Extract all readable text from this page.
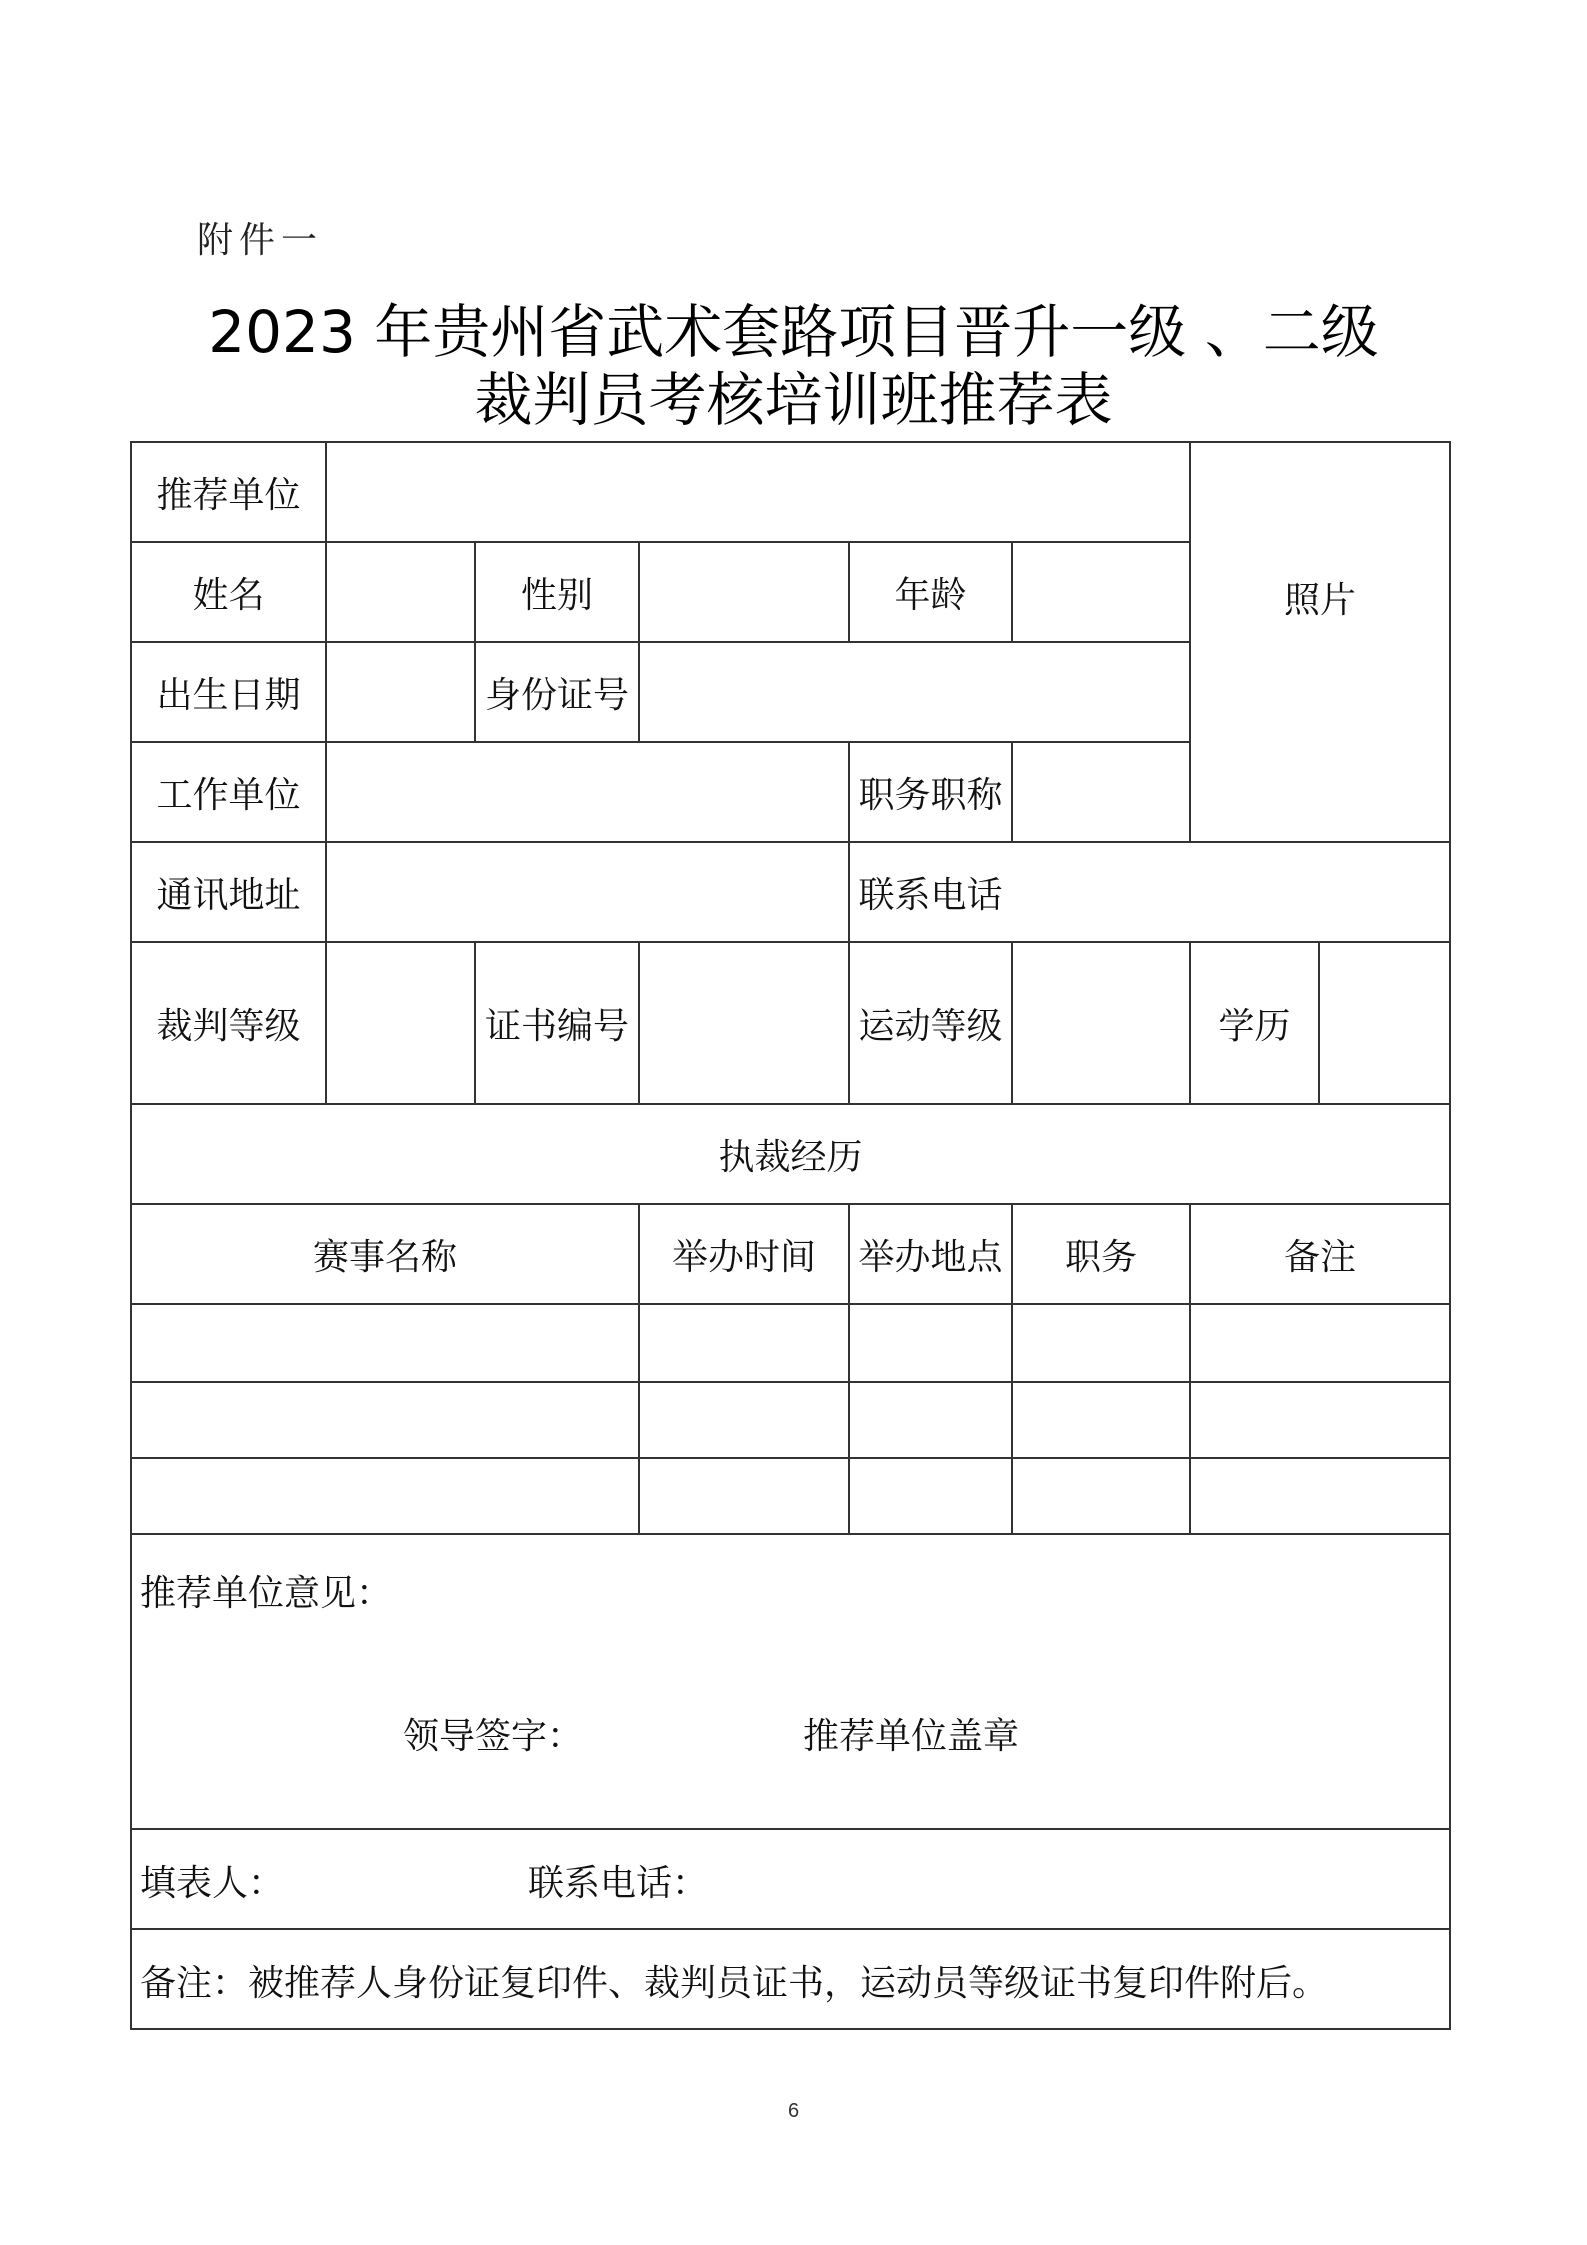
附件一
2023 年贵州省武术套路项目晋升一级 、二级
裁判员考核培训班推荐表
推荐单位
照片
姓名	性别	年龄
出生日期	身份证号
工作单位	职务职称
通讯地址	联系电话
裁判等级	证书编号	运动等级	学历
执裁经历
赛事名称	举办时间	举办地点	职务	备注
推荐单位意见：
领导签字：	推荐单位盖章
填表人：	联系电话：
备注：被推荐人身份证复印件、裁判员证书，运动员等级证书复印件附后。
6
